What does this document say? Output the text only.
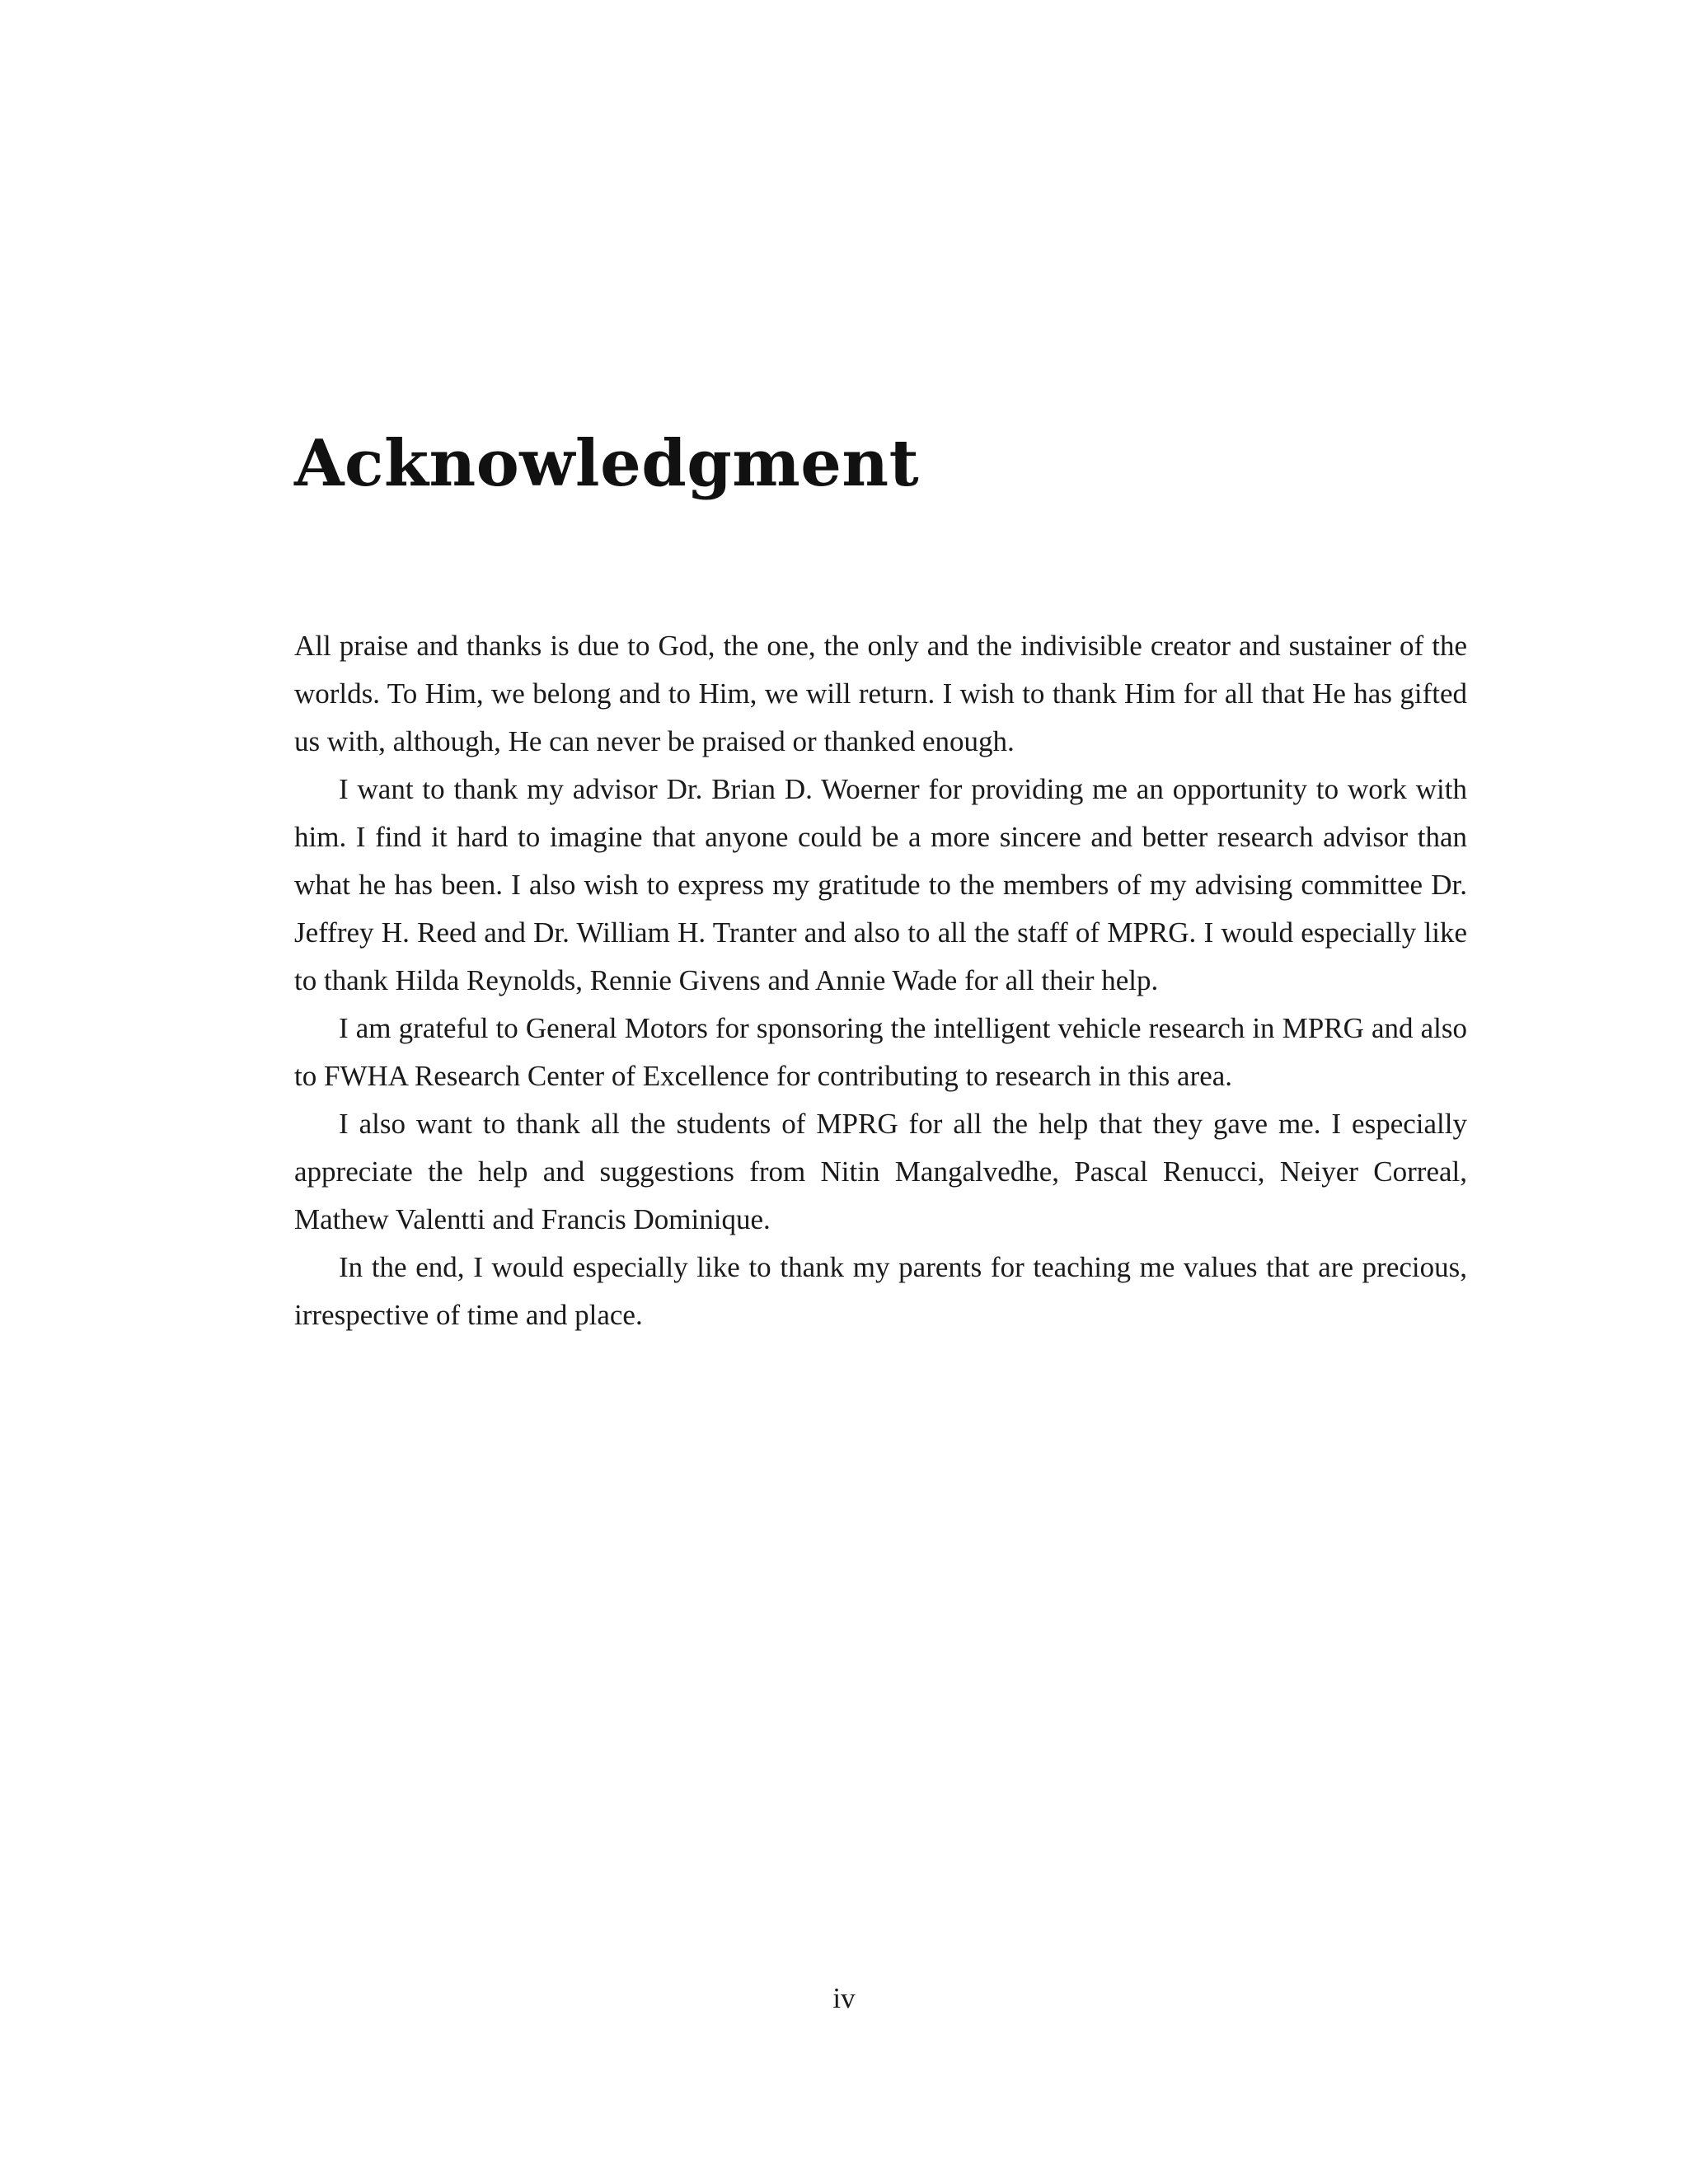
Acknowledgment

All praise and thanks is due to God, the one, the only and the indivisible creator and sustainer of the worlds. To Him, we belong and to Him, we will return. I wish to thank Him for all that He has gifted us with, although, He can never be praised or thanked enough.

I want to thank my advisor Dr. Brian D. Woerner for providing me an opportunity to work with him. I find it hard to imagine that anyone could be a more sincere and better research advisor than what he has been. I also wish to express my gratitude to the members of my advising committee Dr. Jeffrey H. Reed and Dr. William H. Tranter and also to all the staff of MPRG. I would especially like to thank Hilda Reynolds, Rennie Givens and Annie Wade for all their help.

I am grateful to General Motors for sponsoring the intelligent vehicle research in MPRG and also to FWHA Research Center of Excellence for contributing to research in this area.

I also want to thank all the students of MPRG for all the help that they gave me. I especially appreciate the help and suggestions from Nitin Mangalvedhe, Pascal Renucci, Neiyer Correal, Mathew Valentti and Francis Dominique.

In the end, I would especially like to thank my parents for teaching me values that are precious, irrespective of time and place.

iv
